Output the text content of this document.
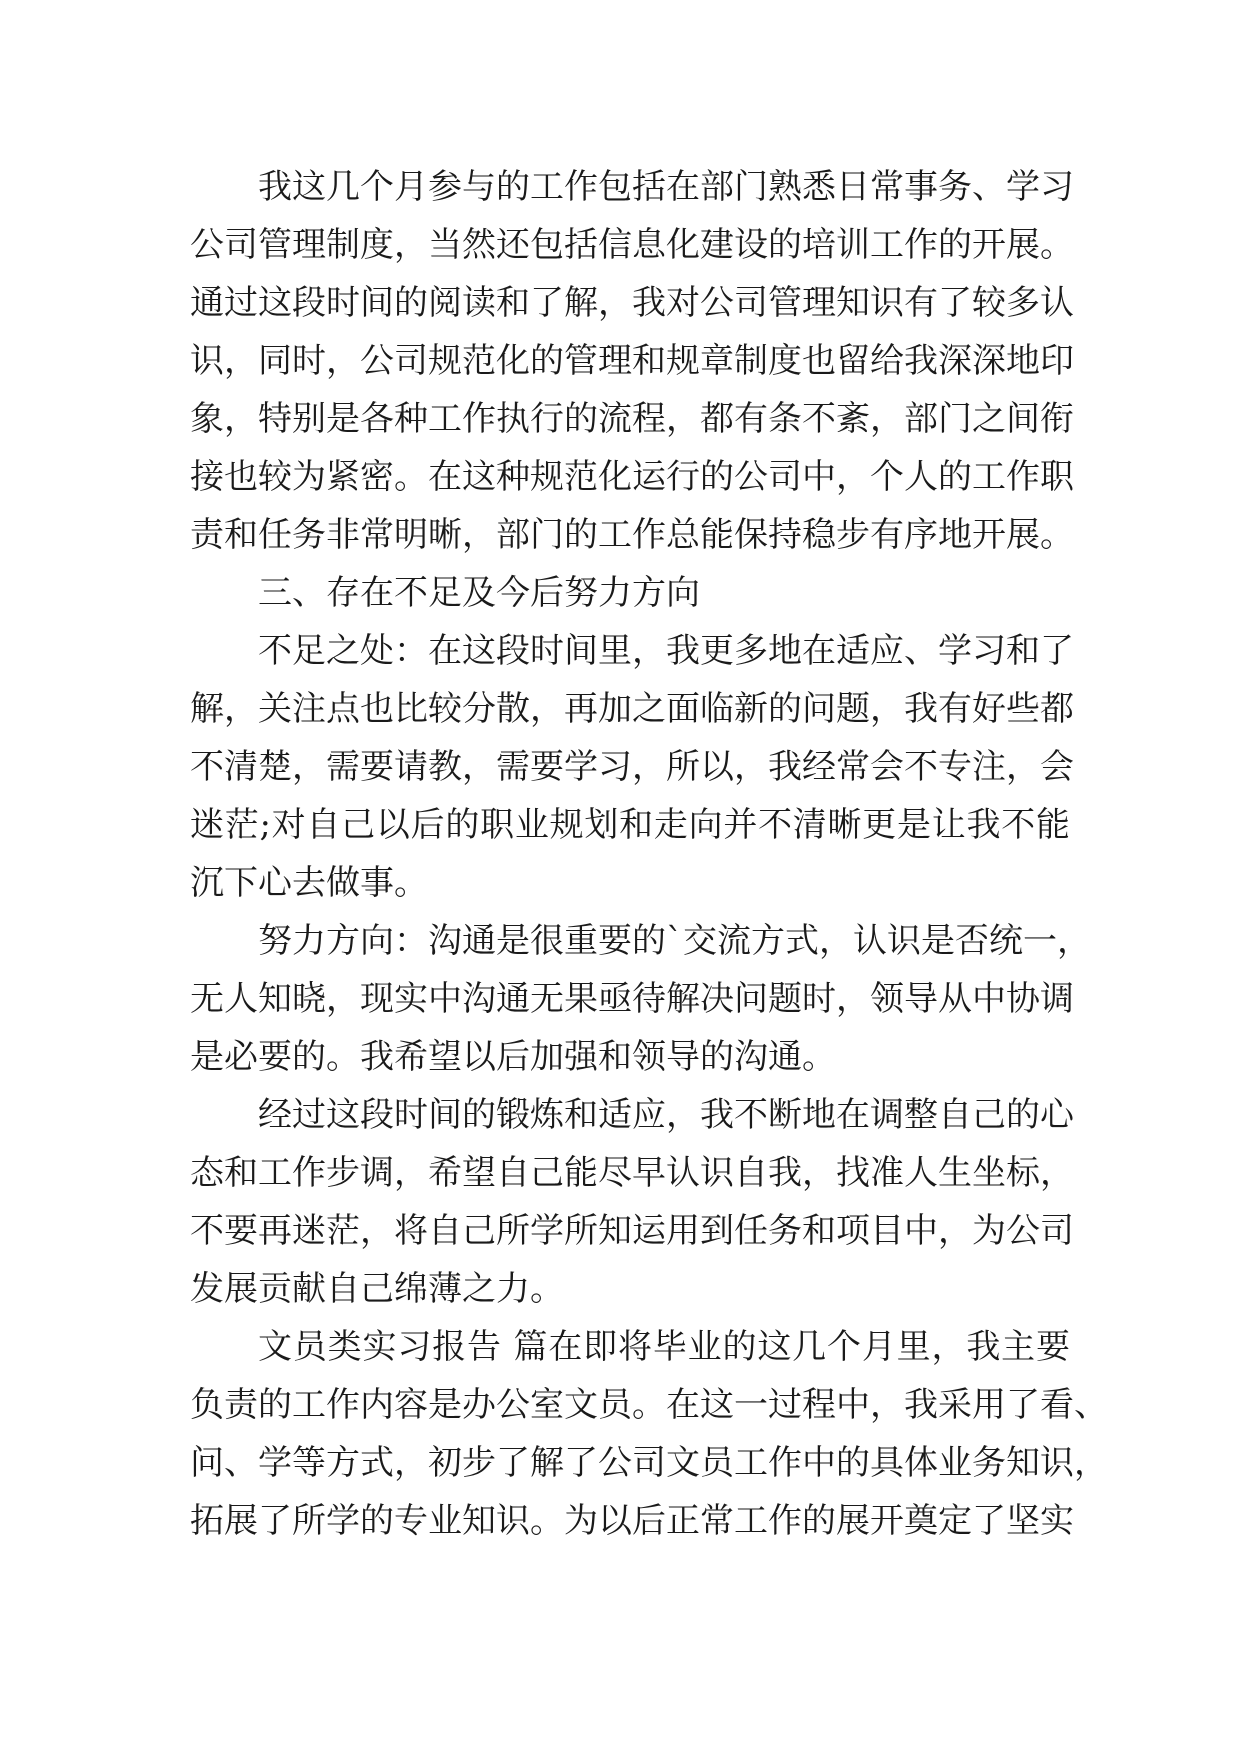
我这几个月参与的工作包括在部门熟悉日常事务、学习
公司管理制度，当然还包括信息化建设的培训工作的开展。
通过这段时间的阅读和了解，我对公司管理知识有了较多认
识，同时，公司规范化的管理和规章制度也留给我深深地印
象，特别是各种工作执行的流程，都有条不紊，部门之间衔
接也较为紧密。在这种规范化运行的公司中，个人的工作职
责和任务非常明晰，部门的工作总能保持稳步有序地开展。
三、存在不足及今后努力方向
不足之处：在这段时间里，我更多地在适应、学习和了
解，关注点也比较分散，再加之面临新的问题，我有好些都
不清楚，需要请教，需要学习，所以，我经常会不专注，会
迷茫;对自己以后的职业规划和走向并不清晰更是让我不能
沉下心去做事。
努力方向：沟通是很重要的`交流方式，认识是否统一，
无人知晓，现实中沟通无果亟待解决问题时，领导从中协调
是必要的。我希望以后加强和领导的沟通。
经过这段时间的锻炼和适应，我不断地在调整自己的心
态和工作步调，希望自己能尽早认识自我，找准人生坐标，
不要再迷茫，将自己所学所知运用到任务和项目中，为公司
发展贡献自己绵薄之力。
文员类实习报告 篇在即将毕业的这几个月里，我主要
负责的工作内容是办公室文员。在这一过程中，我采用了看、
问、学等方式，初步了解了公司文员工作中的具体业务知识，
拓展了所学的专业知识。为以后正常工作的展开奠定了坚实
